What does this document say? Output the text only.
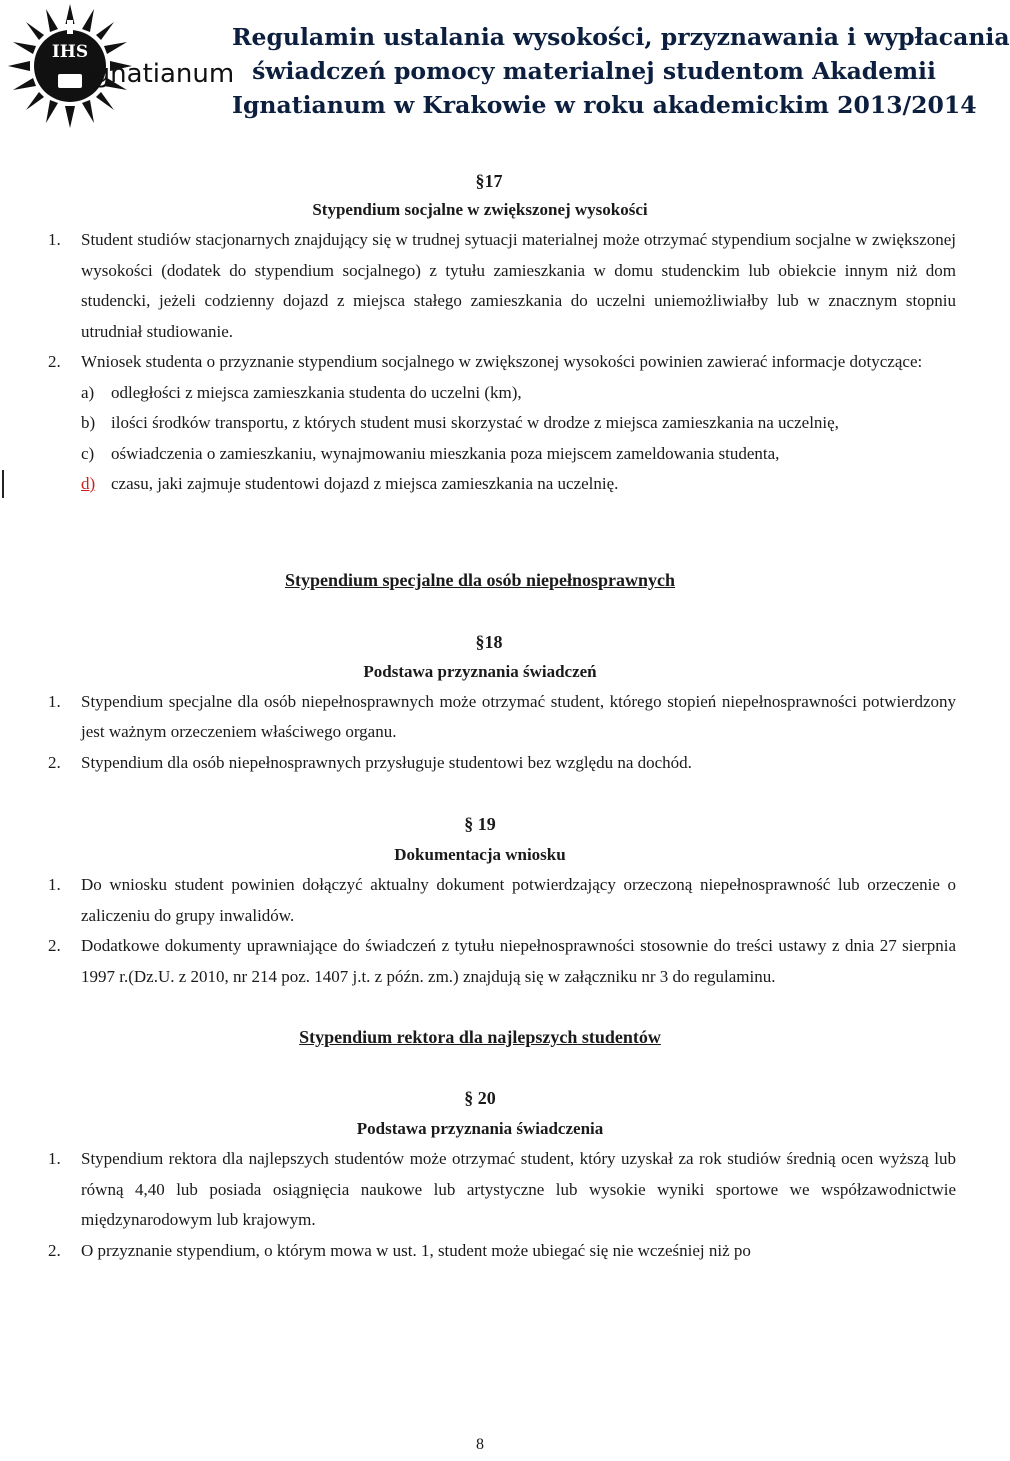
IHS
Ignatianum
Regulamin ustalania wysokości, przyznawania i wypłacania
świadczeń pomocy materialnej studentom Akademii
Ignatianum w Krakowie w roku akademickim 2013/2014
§17
Stypendium socjalne w zwiększonej wysokości
1. Student studiów stacjonarnych znajdujący się w trudnej sytuacji materialnej może otrzymać stypendium socjalne w zwiększonej wysokości (dodatek do stypendium socjalnego) z tytułu zamieszkania w domu studenckim lub obiekcie innym niż dom studencki, jeżeli codzienny dojazd z miejsca stałego zamieszkania do uczelni uniemożliwiałby lub w znacznym stopniu utrudniał studiowanie.
2. Wniosek studenta o przyznanie stypendium socjalnego w zwiększonej wysokości powinien zawierać informacje dotyczące:
a) odległości z miejsca zamieszkania studenta do uczelni (km),
b) ilości środków transportu, z których student musi skorzystać w drodze z miejsca zamieszkania na uczelnię,
c) oświadczenia o zamieszkaniu, wynajmowaniu mieszkania poza miejscem zameldowania studenta,
d) czasu, jaki zajmuje studentowi dojazd z miejsca zamieszkania na uczelnię.
Stypendium specjalne dla osób niepełnosprawnych
§18
Podstawa przyznania świadczeń
1. Stypendium specjalne dla osób niepełnosprawnych może otrzymać student, którego stopień niepełnosprawności potwierdzony jest ważnym orzeczeniem właściwego organu.
2. Stypendium dla osób niepełnosprawnych przysługuje studentowi bez względu na dochód.
§ 19
Dokumentacja wniosku
1. Do wniosku student powinien dołączyć aktualny dokument potwierdzający orzeczoną niepełnosprawność lub orzeczenie o zaliczeniu do grupy inwalidów.
2. Dodatkowe dokumenty uprawniające do świadczeń z tytułu niepełnosprawności stosownie do treści ustawy z dnia 27 sierpnia 1997 r.(Dz.U. z 2010, nr 214 poz. 1407 j.t. z późn. zm.) znajdują się w załączniku nr 3 do regulaminu.
Stypendium rektora dla najlepszych studentów
§ 20
Podstawa przyznania świadczenia
1. Stypendium rektora dla najlepszych studentów może otrzymać student, który uzyskał za rok studiów średnią ocen wyższą lub równą 4,40 lub posiada osiągnięcia naukowe lub artystyczne lub wysokie wyniki sportowe we współzawodnictwie międzynarodowym lub krajowym.
2. O przyznanie stypendium, o którym mowa w ust. 1, student może ubiegać się nie wcześniej niż po
8
